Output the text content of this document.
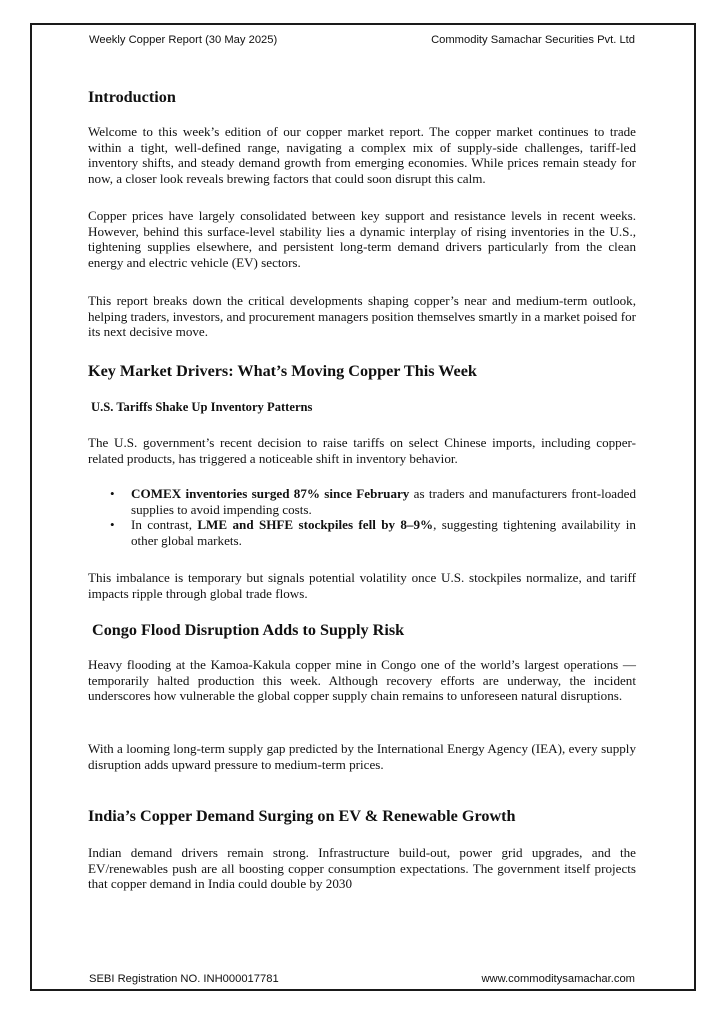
Weekly Copper Report (30 May 2025)	Commodity Samachar Securities Pvt. Ltd
Introduction

Welcome to this week’s edition of our copper market report. The copper market continues to trade within a tight, well-defined range, navigating a complex mix of supply-side challenges, tariff-led inventory shifts, and steady demand growth from emerging economies. While prices remain steady for now, a closer look reveals brewing factors that could soon disrupt this calm.

Copper prices have largely consolidated between key support and resistance levels in recent weeks. However, behind this surface-level stability lies a dynamic interplay of rising inventories in the U.S., tightening supplies elsewhere, and persistent long-term demand drivers particularly from the clean energy and electric vehicle (EV) sectors.

This report breaks down the critical developments shaping copper’s near and medium-term outlook, helping traders, investors, and procurement managers position themselves smartly in a market poised for its next decisive move.

Key Market Drivers: What’s Moving Copper This Week
U.S. Tariffs Shake Up Inventory Patterns

The U.S. government’s recent decision to raise tariffs on select Chinese imports, including copper-related products, has triggered a noticeable shift in inventory behavior.

• COMEX inventories surged 87% since February as traders and manufacturers front-loaded supplies to avoid impending costs.
• In contrast, LME and SHFE stockpiles fell by 8–9%, suggesting tightening availability in other global markets.

This imbalance is temporary but signals potential volatility once U.S. stockpiles normalize, and tariff impacts ripple through global trade flows.

Congo Flood Disruption Adds to Supply Risk

Heavy flooding at the Kamoa-Kakula copper mine in Congo one of the world’s largest operations — temporarily halted production this week. Although recovery efforts are underway, the incident underscores how vulnerable the global copper supply chain remains to unforeseen natural disruptions.

With a looming long-term supply gap predicted by the International Energy Agency (IEA), every supply disruption adds upward pressure to medium-term prices.

India’s Copper Demand Surging on EV & Renewable Growth

Indian demand drivers remain strong. Infrastructure build-out, power grid upgrades, and the EV/renewables push are all boosting copper consumption expectations. The government itself projects that copper demand in India could double by 2030

SEBI Registration NO. INH000017781	www.commoditysamachar.com
